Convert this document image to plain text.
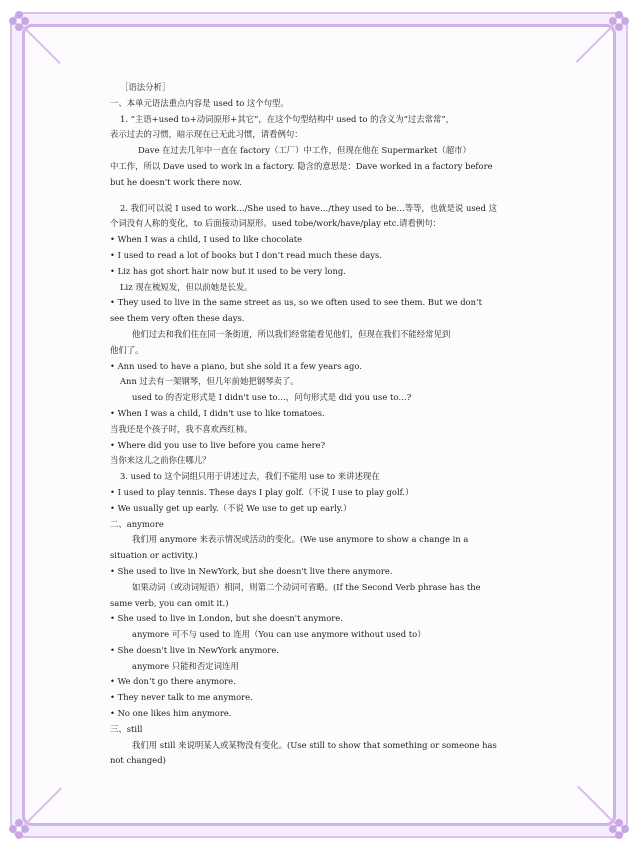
［语法分析］

一、本单元语法重点内容是 used to 这个句型。

1. “主语+used to+动词原形+其它”，在这个句型结构中 used to 的含义为“过去常常”，

表示过去的习惯，暗示现在已无此习惯，请看例句：

Dave 在过去几年中一直在 factory（工厂）中工作，但现在他在 Supermarket（超市）

中工作，所以 Dave used to work in a factory. 隐含的意思是：Dave worked in a factory before

but he doesn't work there now.

2. 我们可以说 I used to work…/She used to have…/they used to be…等等，也就是说 used 这

个词没有人称的变化，to 后面接动词原形。used tobe/work/have/play etc.请看例句：

• When I was a child, I used to like chocolate

• I used to read a lot of books but I don’t read much these days.

• Liz has got short hair now but it used to be very long.

Liz 现在梳短发，但以前她是长发。

• They used to live in the same street as us, so we often used to see them. But we don’t

see them very often these days.

他们过去和我们住在同一条街道，所以我们经常能看见他们，但现在我们不能经常见到

他们了。

• Ann used to have a piano, but she sold it a few years ago.

Ann 过去有一架钢琴，但几年前她把钢琴卖了。

used to 的否定形式是 I didn't use to…，问句形式是 did you use to…?

• When I was a child, I didn't use to like tomatoes.

当我还是个孩子时，我不喜欢西红柿。

• Where did you use to live before you came here?

当你来这儿之前你住哪儿？

3. used to 这个词组只用于讲述过去，我们不能用 use to 来讲述现在

• I used to play tennis. These days I play golf.（不说 I use to play golf.）

• We usually get up early.（不说 We use to get up early.）

二、anymore

我们用 anymore 来表示情况或活动的变化。(We use anymore to show a change in a

situation or activity.)

• She used to live in NewYork, but she doesn't live there anymore.

如果动词（或动词短语）相同，则第二个动词可省略。(If the Second Verb phrase has the

same verb, you can omit it.)

• She used to live in London, but she doesn't anymore.

anymore 可不与 used to 连用（You can use anymore without used to）

• She doesn't live in NewYork anymore.

anymore 只能和否定词连用

• We don’t go there anymore.

• They never talk to me anymore.

• No one likes him anymore.

三、still

我们用 still 来说明某人或某物没有变化。(Use still to show that something or someone has

not changed)
